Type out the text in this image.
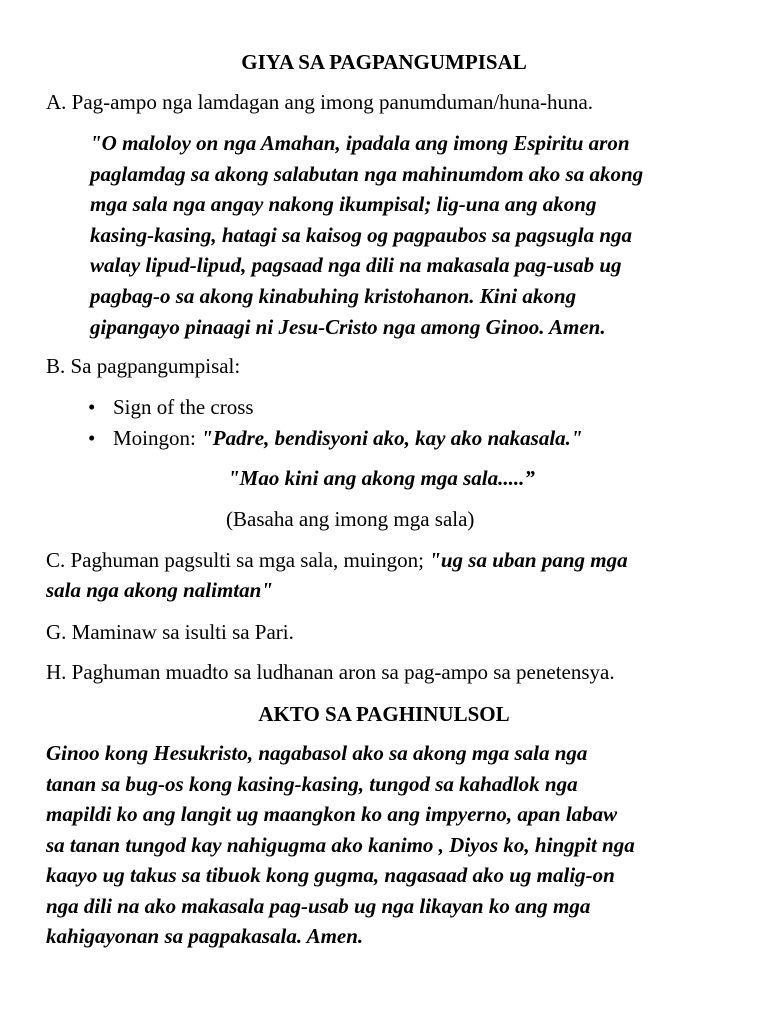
GIYA SA PAGPANGUMPISAL
A. Pag-ampo nga lamdagan ang imong panumduman/huna-huna.

"O maloloy on nga Amahan, ipadala ang imong Espiritu aron

paglamdag sa akong salabutan nga mahinumdom ako sa akong

mga sala nga angay nakong ikumpisal; lig-una ang akong

kasing-kasing, hatagi sa kaisog og pagpaubos sa pagsugla nga

walay lipud-lipud, pagsaad nga dili na makasala pag-usab ug

pagbag-o sa akong kinabuhing kristohanon. Kini akong

gipangayo pinaagi ni Jesu-Cristo nga among Ginoo. Amen.

B. Sa pagpangumpisal:
• Sign of the cross
• Moingon: "Padre, bendisyoni ako, kay ako nakasala."
"Mao kini ang akong mga sala.....”
(Basaha ang imong mga sala)
C. Paghuman pagsulti sa mga sala, muingon; "ug sa uban pang mga
sala nga akong nalimtan"
G. Maminaw sa isulti sa Pari.
H. Paghuman muadto sa ludhanan aron sa pag-ampo sa penetensya.
AKTO SA PAGHINULSOL

Ginoo kong Hesukristo, nagabasol ako sa akong mga sala nga

tanan sa bug-os kong kasing-kasing, tungod sa kahadlok nga

mapildi ko ang langit ug maangkon ko ang impyerno, apan labaw

sa tanan tungod kay nahigugma ako kanimo , Diyos ko, hingpit nga

kaayo ug takus sa tibuok kong gugma, nagasaad ako ug malig-on

nga dili na ako makasala pag-usab ug nga likayan ko ang mga

kahigayonan sa pagpakasala. Amen.
